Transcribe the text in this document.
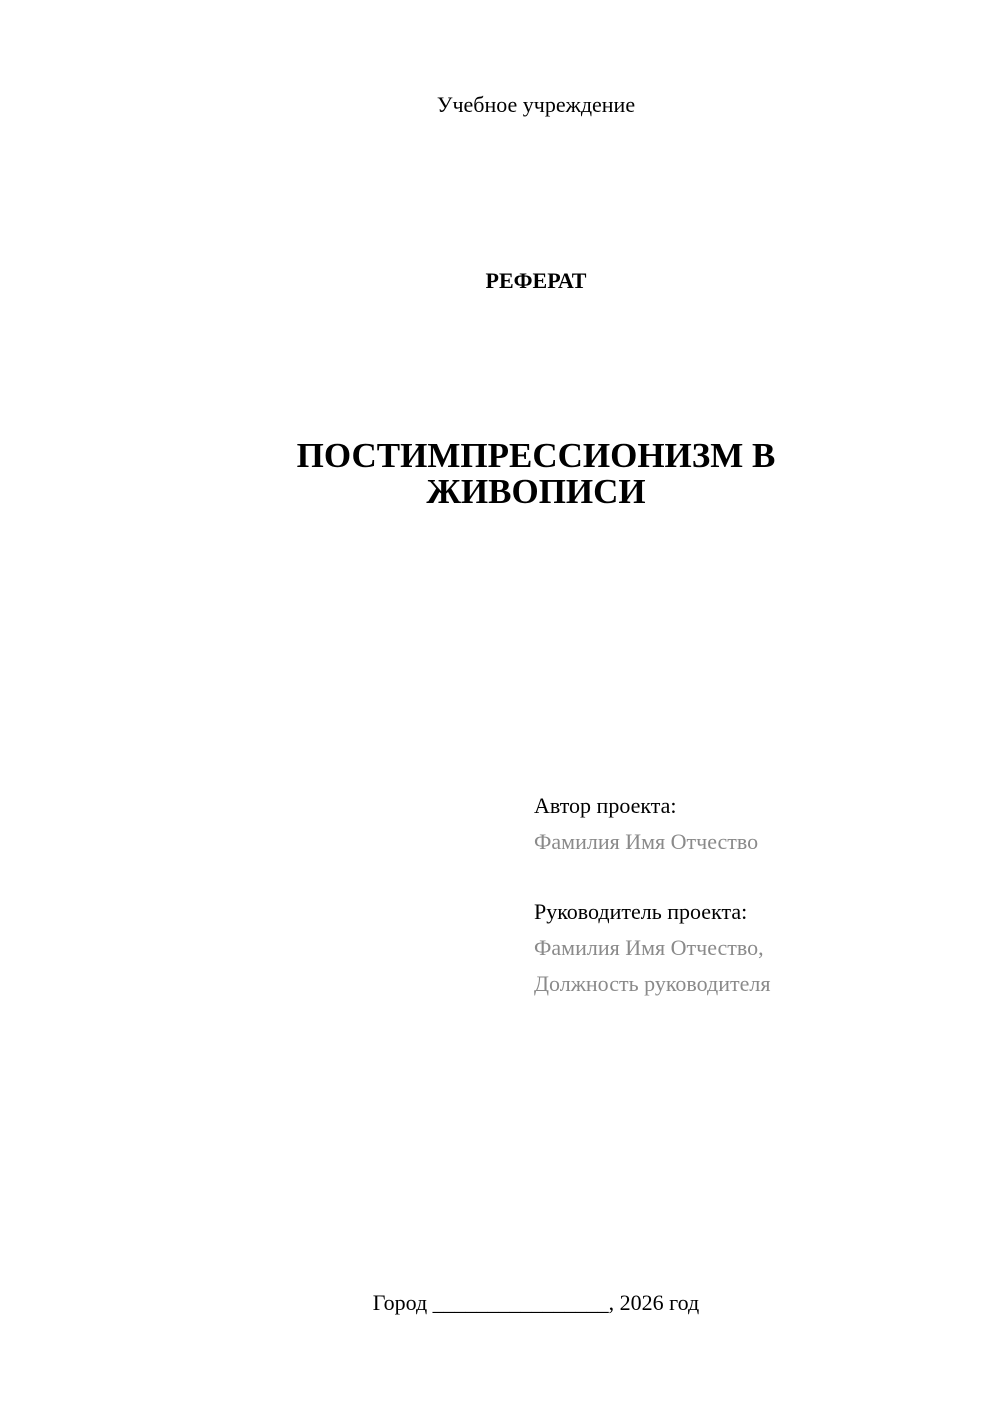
Учебное учреждение
РЕФЕРАТ
ПОСТИМПРЕССИОНИЗМ В
ЖИВОПИСИ
Автор проекта:
Фамилия Имя Отчество
Руководитель проекта:
Фамилия Имя Отчество,
Должность руководителя
Город ________________, 2026 год
